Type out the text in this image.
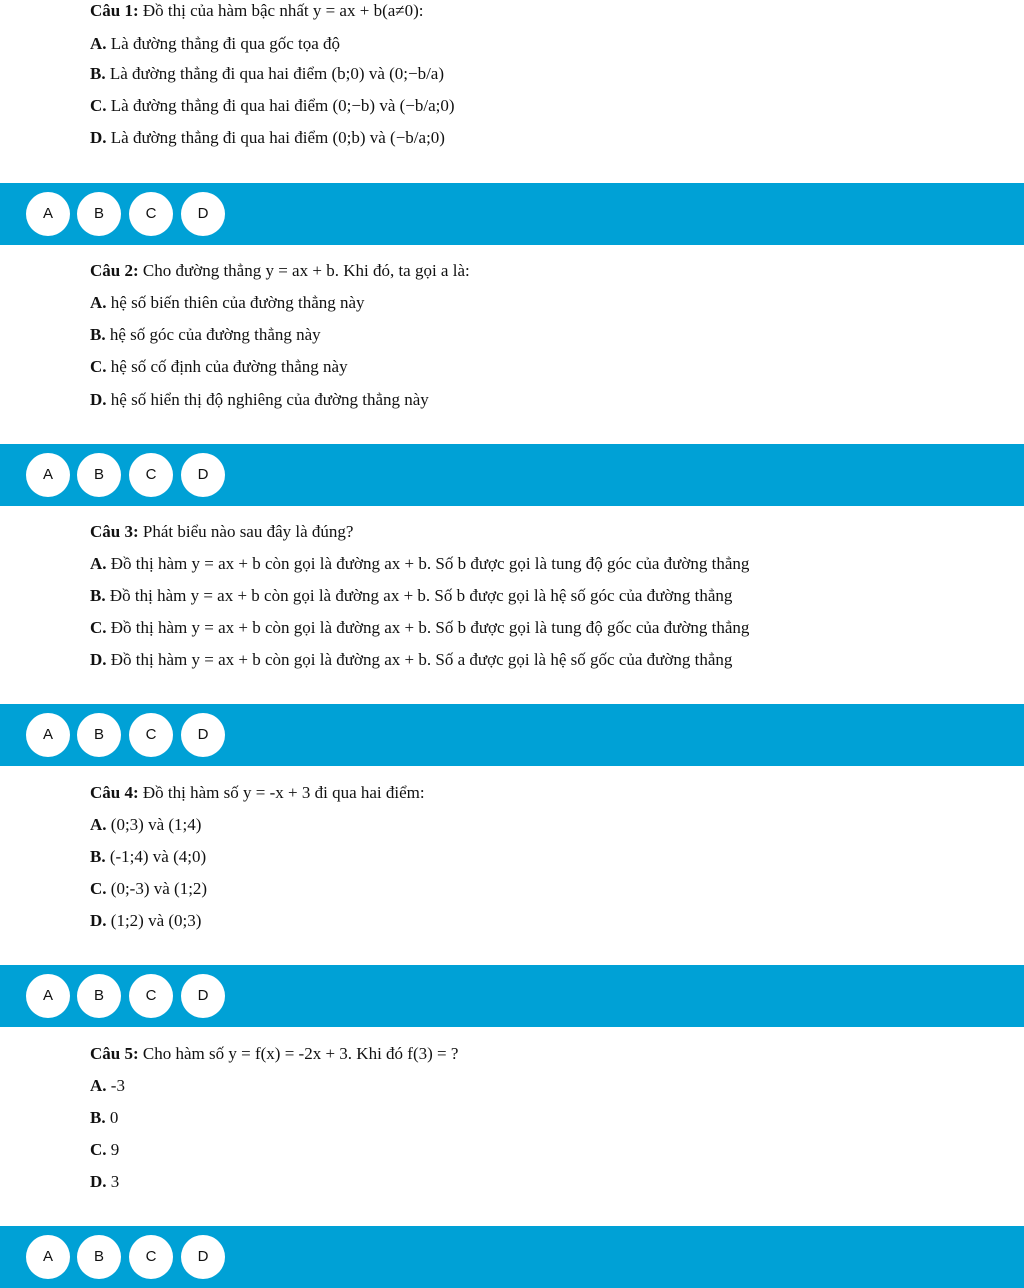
Câu 1: Đồ thị của hàm bậc nhất y = ax + b(a≠0):
A. Là đường thẳng đi qua gốc tọa độ
B. Là đường thẳng đi qua hai điểm (b;0) và (0;−b/a)
C. Là đường thẳng đi qua hai điểm (0;−b) và (−b/a;0)
D. Là đường thẳng đi qua hai điểm (0;b) và (−b/a;0)
A	B	C	D
Câu 2: Cho đường thẳng y = ax + b. Khi đó, ta gọi a là:
A. hệ số biến thiên của đường thẳng này
B. hệ số góc của đường thẳng này
C. hệ số cố định của đường thẳng này
D. hệ số hiển thị độ nghiêng của đường thẳng này
A	B	C	D
Câu 3: Phát biểu nào sau đây là đúng?
A. Đồ thị hàm y = ax + b còn gọi là đường ax + b. Số b được gọi là tung độ góc của đường thẳng
B. Đồ thị hàm y = ax + b còn gọi là đường ax + b. Số b được gọi là hệ số góc của đường thẳng
C. Đồ thị hàm y = ax + b còn gọi là đường ax + b. Số b được gọi là tung độ gốc của đường thẳng
D. Đồ thị hàm y = ax + b còn gọi là đường ax + b. Số a được gọi là hệ số gốc của đường thẳng
A	B	C	D
Câu 4: Đồ thị hàm số y = -x + 3 đi qua hai điểm:
A. (0;3) và (1;4)
B. (-1;4) và (4;0)
C. (0;-3) và (1;2)
D. (1;2) và (0;3)
A	B	C	D
Câu 5: Cho hàm số y = f(x) = -2x + 3. Khi đó f(3) = ?
A. -3
B. 0
C. 9
D. 3
A	B	C	D
